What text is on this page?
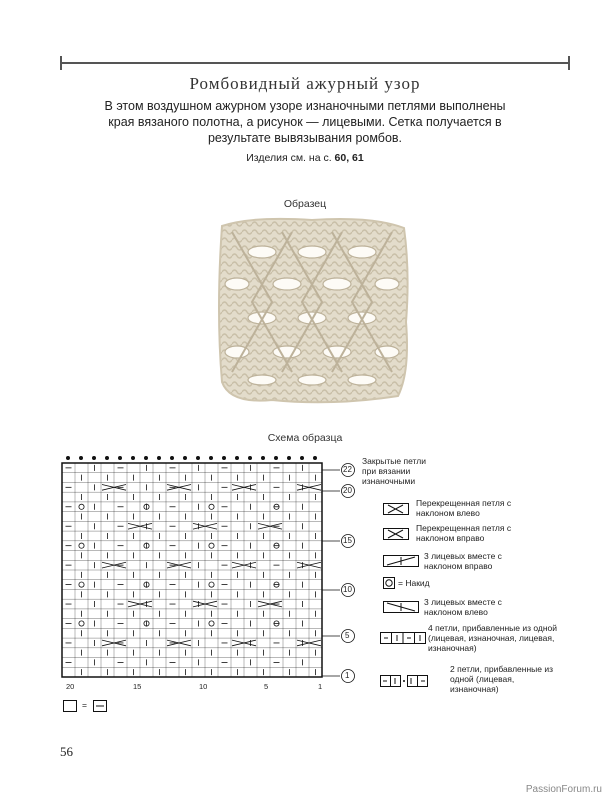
Ромбовидный ажурный узор
В этом воздушном ажурном узоре изнаночными петлями выполнены края вязаного полотна, а рисунок — лицевыми. Сетка получается в результате вывязывания ромбов.
Изделия см. на с. 60, 61
Образец
Схема образца
22
20
15
10
5
1
20	15	10	5	1
Закрытые петли при вязании изнаночными
Перекрещенная петля с наклоном влево
Перекрещенная петля с наклоном вправо
3 лицевых вместе с наклоном вправо
= Накид
3 лицевых вместе с наклоном влево
4 петли, прибавленные из одной (лицевая, изнаночная, лицевая, изнаночная)
2 петли, прибавленные из одной (лицевая, изнаночная)
=
56
PassionForum.ru
